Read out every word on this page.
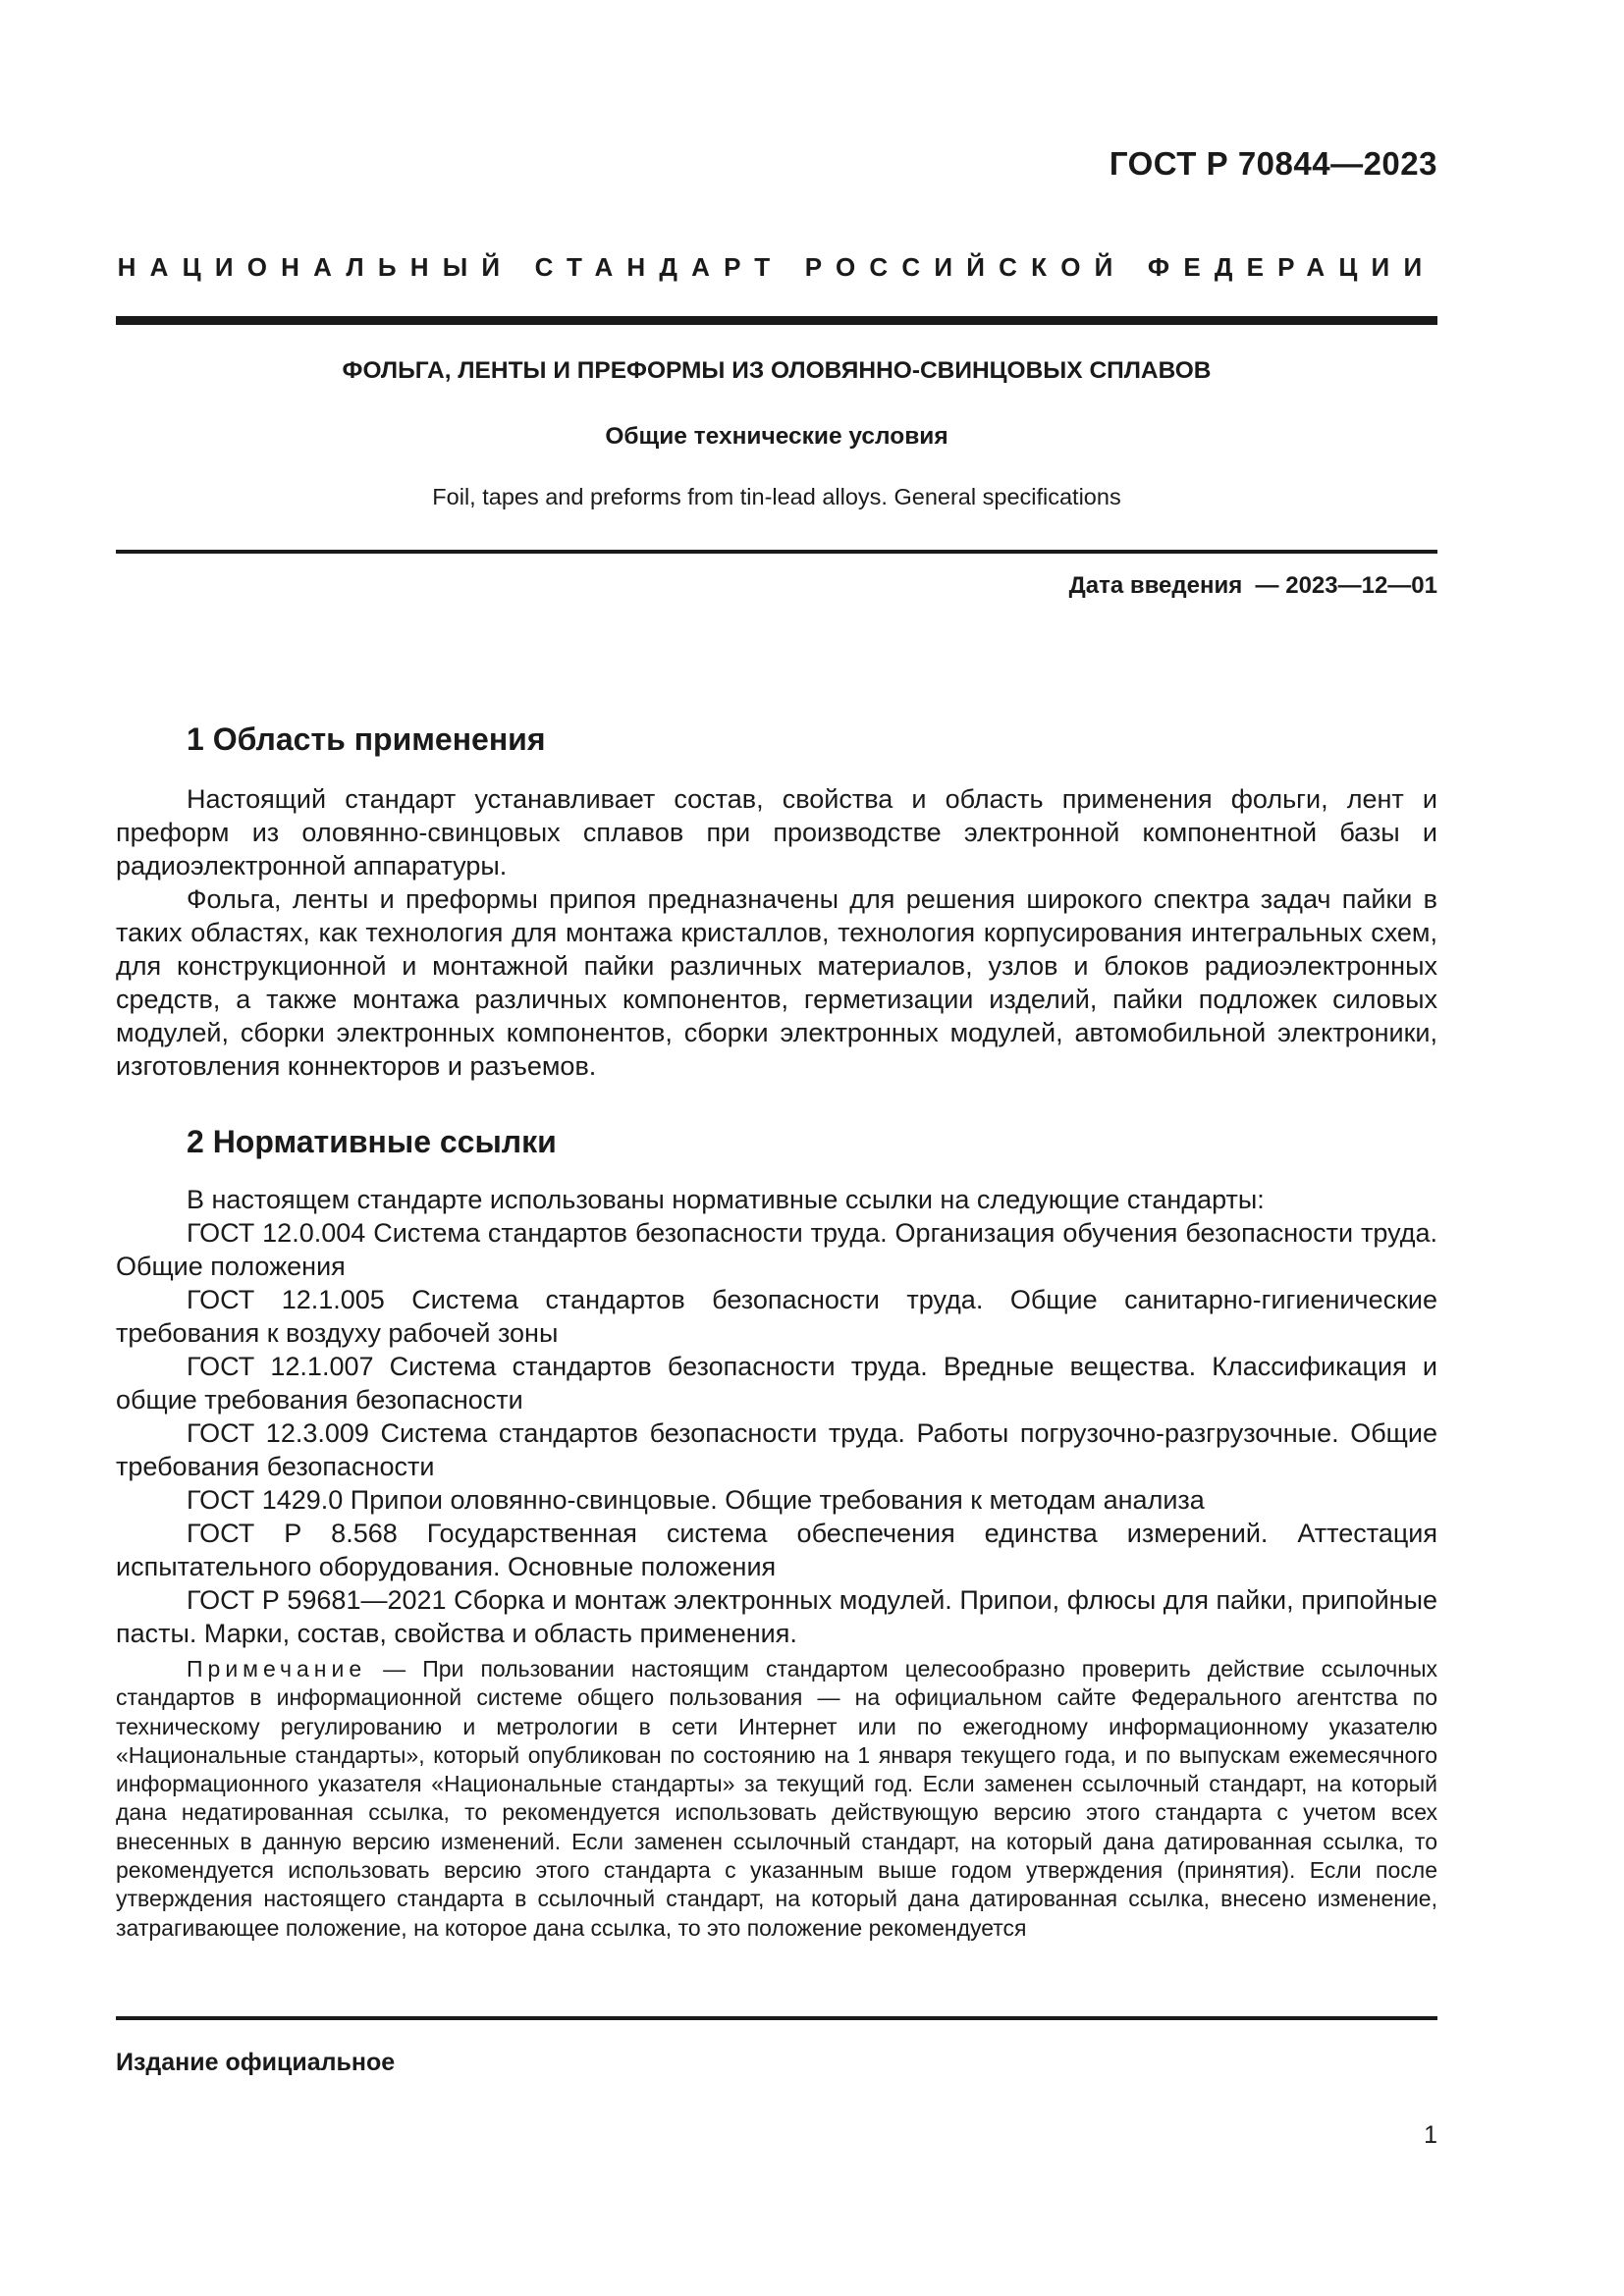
ГОСТ Р 70844—2023
НАЦИОНАЛЬНЫЙ СТАНДАРТ РОССИЙСКОЙ ФЕДЕРАЦИИ
ФОЛЬГА, ЛЕНТЫ И ПРЕФОРМЫ ИЗ ОЛОВЯННО-СВИНЦОВЫХ СПЛАВОВ
Общие технические условия
Foil, tapes and preforms from tin-lead alloys. General specifications
Дата введения  — 2023—12—01
1 Область применения

Настоящий стандарт устанавливает состав, свойства и область применения фольги, лент и преформ из оловянно-свинцовых сплавов при производстве электронной компонентной базы и радиоэлектронной аппаратуры.

Фольга, ленты и преформы припоя предназначены для решения широкого спектра задач пайки в таких областях, как технология для монтажа кристаллов, технология корпусирования интегральных схем, для конструкционной и монтажной пайки различных материалов, узлов и блоков радиоэлектронных средств, а также монтажа различных компонентов, герметизации изделий, пайки подложек силовых модулей, сборки электронных компонентов, сборки электронных модулей, автомобильной электроники, изготовления коннекторов и разъемов.

2 Нормативные ссылки

В настоящем стандарте использованы нормативные ссылки на следующие стандарты:

ГОСТ 12.0.004 Система стандартов безопасности труда. Организация обучения безопасности труда. Общие положения

ГОСТ 12.1.005 Система стандартов безопасности труда. Общие санитарно-гигиенические требования к воздуху рабочей зоны

ГОСТ 12.1.007 Система стандартов безопасности труда. Вредные вещества. Классификация и общие требования безопасности

ГОСТ 12.3.009 Система стандартов безопасности труда. Работы погрузочно-разгрузочные. Общие требования безопасности

ГОСТ 1429.0 Припои оловянно-свинцовые. Общие требования к методам анализа

ГОСТ Р 8.568 Государственная система обеспечения единства измерений. Аттестация испытательного оборудования. Основные положения

ГОСТ Р 59681—2021 Сборка и монтаж электронных модулей. Припои, флюсы для пайки, припойные пасты. Марки, состав, свойства и область применения.

Примечание — При пользовании настоящим стандартом целесообразно проверить действие ссылочных стандартов в информационной системе общего пользования — на официальном сайте Федерального агентства по техническому регулированию и метрологии в сети Интернет или по ежегодному информационному указателю «Национальные стандарты», который опубликован по состоянию на 1 января текущего года, и по выпускам ежемесячного информационного указателя «Национальные стандарты» за текущий год. Если заменен ссылочный стандарт, на который дана недатированная ссылка, то рекомендуется использовать действующую версию этого стандарта с учетом всех внесенных в данную версию изменений. Если заменен ссылочный стандарт, на который дана датированная ссылка, то рекомендуется использовать версию этого стандарта с указанным выше годом утверждения (принятия). Если после утверждения настоящего стандарта в ссылочный стандарт, на который дана датированная ссылка, внесено изменение, затрагивающее положение, на которое дана ссылка, то это положение рекомендуется

Издание официальное
1
